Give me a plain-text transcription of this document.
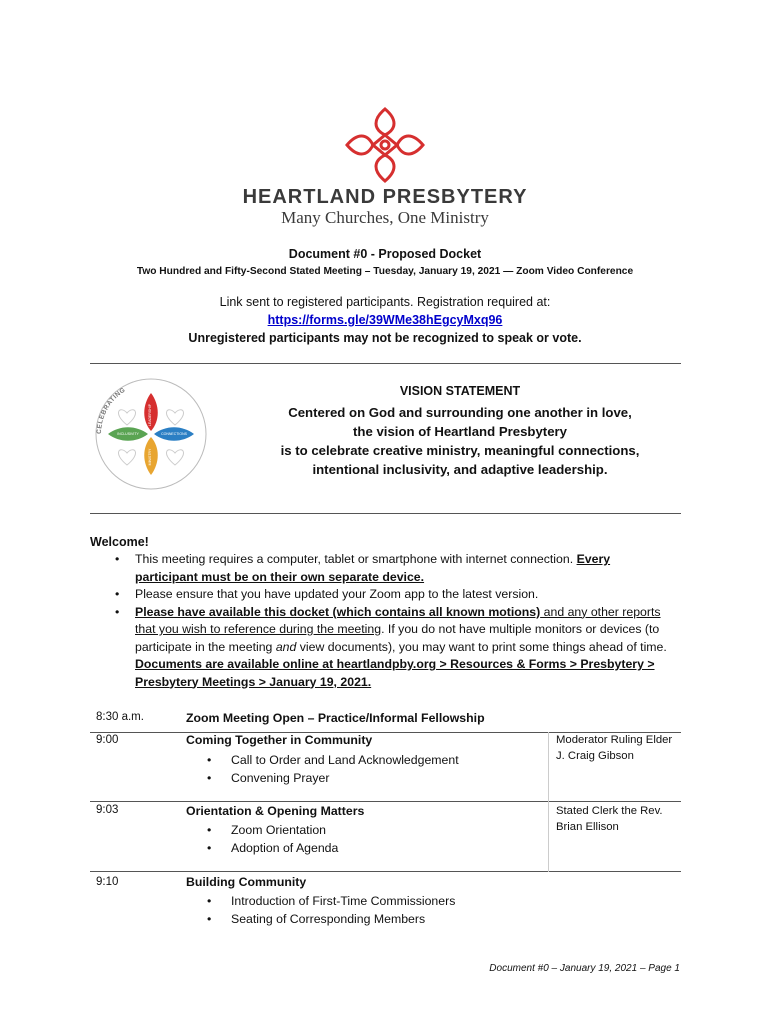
HEARTLAND PRESBYTERY
Many Churches, One Ministry
Document #0 - Proposed Docket
Two Hundred and Fifty-Second Stated Meeting – Tuesday, January 19, 2021 — Zoom Video Conference
Link sent to registered participants. Registration required at:
https://forms.gle/39WMe38hEgcyMxq96
Unregistered participants may not be recognized to speak or vote.
CELEBRATING
LEADERSHIP
MINISTRY
CONNECTIONS
INCLUSIVITY
VISION STATEMENT
Centered on God and surrounding one another in love,
the vision of Heartland Presbytery
is to celebrate creative ministry, meaningful connections,
intentional inclusivity, and adaptive leadership.
Welcome!
• This meeting requires a computer, tablet or smartphone with internet connection. Every participant must be on their own separate device.
• Please ensure that you have updated your Zoom app to the latest version.
• Please have available this docket (which contains all known motions) and any other reports that you wish to reference during the meeting. If you do not have multiple monitors or devices (to participate in the meeting and view documents), you may want to print some things ahead of time. Documents are available online at heartlandpby.org > Resources & Forms > Presbytery > Presbytery Meetings > January 19, 2021.
8:30 a.m.	Zoom Meeting Open – Practice/Informal Fellowship
9:00	Coming Together in Community
• Call to Order and Land Acknowledgement
• Convening Prayer
Moderator Ruling Elder
J. Craig Gibson
9:03	Orientation & Opening Matters
• Zoom Orientation
• Adoption of Agenda
Stated Clerk the Rev.
Brian Ellison
9:10	Building Community
• Introduction of First-Time Commissioners
• Seating of Corresponding Members
Document #0 – January 19, 2021 – Page 1
